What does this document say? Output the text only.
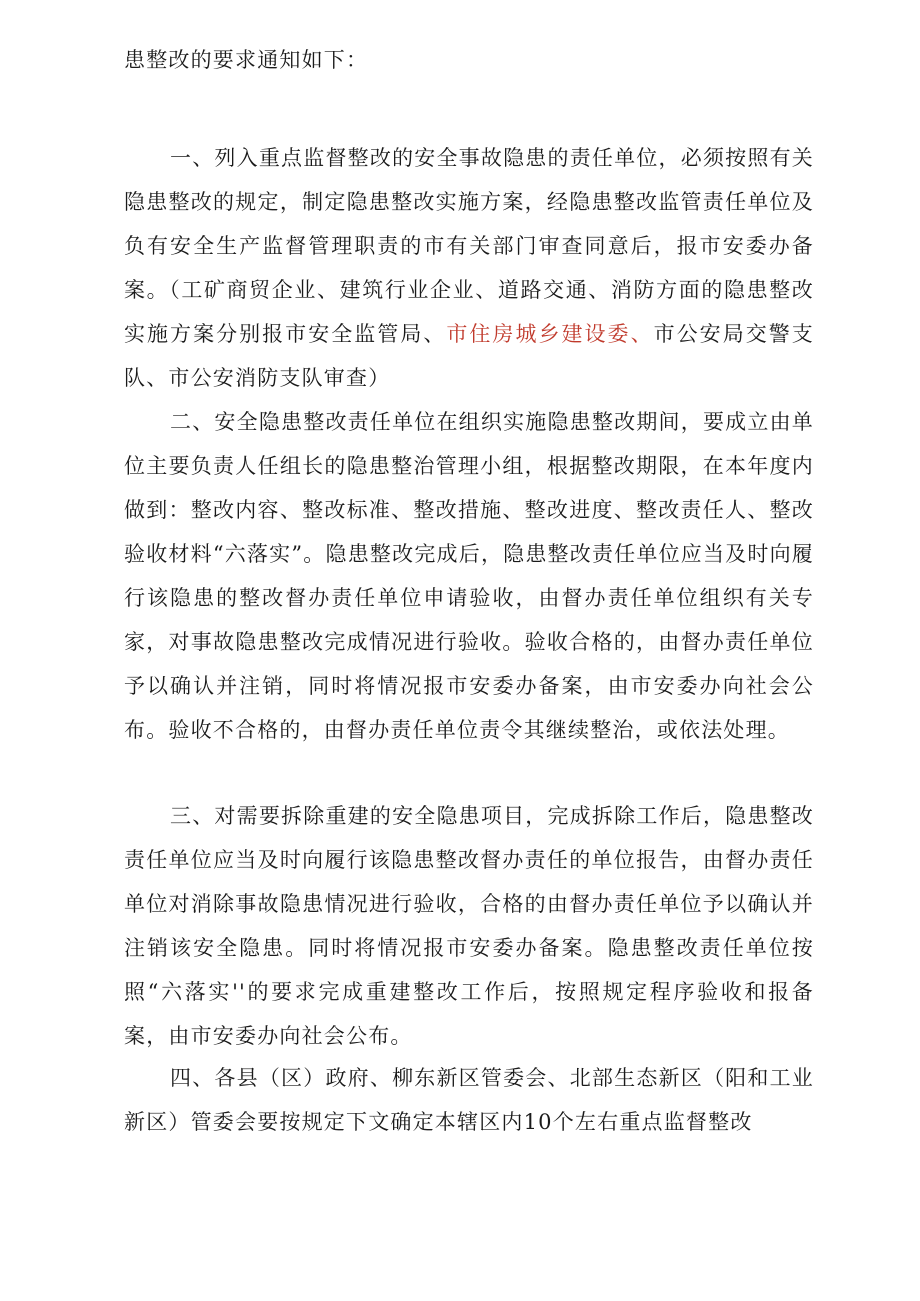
患整改的要求通知如下：

一、列入重点监督整改的安全事故隐患的责任单位，必须按照有关隐患整改的规定，制定隐患整改实施方案，经隐患整改监管责任单位及负有安全生产监督管理职责的市有关部门审查同意后，报市安委办备案。（工矿商贸企业、建筑行业企业、道路交通、消防方面的隐患整改实施方案分别报市安全监管局、市住房城乡建设委、市公安局交警支队、市公安消防支队审查）

二、安全隐患整改责任单位在组织实施隐患整改期间，要成立由单位主要负责人任组长的隐患整治管理小组，根据整改期限，在本年度内做到：整改内容、整改标准、整改措施、整改进度、整改责任人、整改验收材料“六落实”。隐患整改完成后，隐患整改责任单位应当及时向履行该隐患的整改督办责任单位申请验收，由督办责任单位组织有关专家，对事故隐患整改完成情况进行验收。验收合格的，由督办责任单位予以确认并注销，同时将情况报市安委办备案，由市安委办向社会公布。验收不合格的，由督办责任单位责令其继续整治，或依法处理。

三、对需要拆除重建的安全隐患项目，完成拆除工作后，隐患整改责任单位应当及时向履行该隐患整改督办责任的单位报告，由督办责任单位对消除事故隐患情况进行验收，合格的由督办责任单位予以确认并注销该安全隐患。同时将情况报市安委办备案。隐患整改责任单位按照“六落实''的要求完成重建整改工作后，按照规定程序验收和报备案，由市安委办向社会公布。

四、各县（区）政府、柳东新区管委会、北部生态新区（阳和工业新区）管委会要按规定下文确定本辖区内10个左右重点监督整改
